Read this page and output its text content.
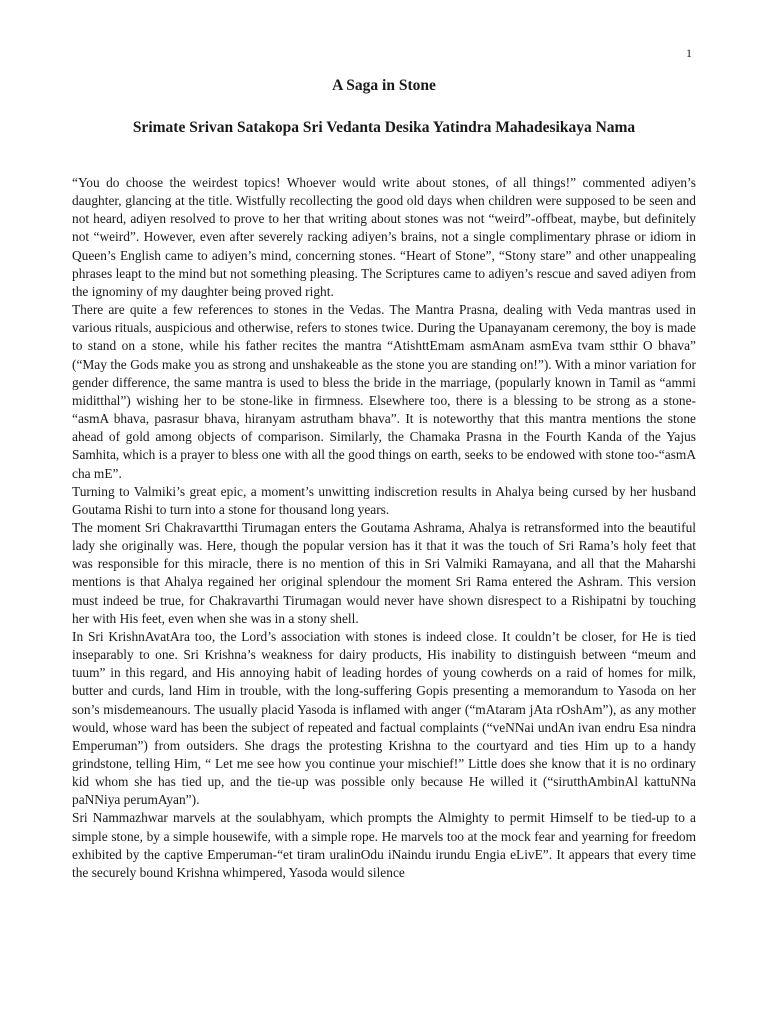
1
A Saga in Stone
Srimate Srivan Satakopa Sri Vedanta Desika Yatindra Mahadesikaya Nama

“You do choose the weirdest topics! Whoever would write about stones, of all things!” commented adiyen’s daughter, glancing at the title. Wistfully recollecting the good old days when children were supposed to be seen and not heard, adiyen resolved to prove to her that writing about stones was not “weird”-offbeat, maybe, but definitely not “weird”. However, even after severely racking adiyen’s brains, not a single complimentary phrase or idiom in Queen’s English came to adiyen’s mind, concerning stones. “Heart of Stone”, “Stony stare” and other unappealing phrases leapt to the mind but not something pleasing. The Scriptures came to adiyen’s rescue and saved adiyen from the ignominy of my daughter being proved right.

There are quite a few references to stones in the Vedas. The Mantra Prasna, dealing with Veda mantras used in various rituals, auspicious and otherwise, refers to stones twice. During the Upanayanam ceremony, the boy is made to stand on a stone, while his father recites the mantra “AtishttEmam asmAnam asmEva tvam stthir O bhava” (“May the Gods make you as strong and unshakeable as the stone you are standing on!”). With a minor variation for gender difference, the same mantra is used to bless the bride in the marriage, (popularly known in Tamil as “ammi miditthal”) wishing her to be stone-like in firmness. Elsewhere too, there is a blessing to be strong as a stone- “asmA bhava, pasrasur bhava, hiranyam astrutham bhava”. It is noteworthy that this mantra mentions the stone ahead of gold among objects of comparison. Similarly, the Chamaka Prasna in the Fourth Kanda of the Yajus Samhita, which is a prayer to bless one with all the good things on earth, seeks to be endowed with stone too-“asmA cha mE”.

Turning to Valmiki’s great epic, a moment’s unwitting indiscretion results in Ahalya being cursed by her husband Goutama Rishi to turn into a stone for thousand long years.

The moment Sri Chakravartthi Tirumagan enters the Goutama Ashrama, Ahalya is retransformed into the beautiful lady she originally was. Here, though the popular version has it that it was the touch of Sri Rama’s holy feet that was responsible for this miracle, there is no mention of this in Sri Valmiki Ramayana, and all that the Maharshi mentions is that Ahalya regained her original splendour the moment Sri Rama entered the Ashram. This version must indeed be true, for Chakravarthi Tirumagan would never have shown disrespect to a Rishipatni by touching her with His feet, even when she was in a stony shell.

In Sri KrishnAvatAra too, the Lord’s association with stones is indeed close. It couldn’t be closer, for He is tied inseparably to one. Sri Krishna’s weakness for dairy products, His inability to distinguish between “meum and tuum” in this regard, and His annoying habit of leading hordes of young cowherds on a raid of homes for milk, butter and curds, land Him in trouble, with the long-suffering Gopis presenting a memorandum to Yasoda on her son’s misdemeanours. The usually placid Yasoda is inflamed with anger (“mAtaram jAta rOshAm”), as any mother would, whose ward has been the subject of repeated and factual complaints (“veNNai undAn ivan endru Esa nindra Emperuman”) from outsiders. She drags the protesting Krishna to the courtyard and ties Him up to a handy grindstone, telling Him, “ Let me see how you continue your mischief!” Little does she know that it is no ordinary kid whom she has tied up, and the tie-up was possible only because He willed it (“sirutthAmbinAl kattuNNa paNNiya perumAyan”).

Sri Nammazhwar marvels at the soulabhyam, which prompts the Almighty to permit Himself to be tied-up to a simple stone, by a simple housewife, with a simple rope. He marvels too at the mock fear and yearning for freedom exhibited by the captive Emperuman-“et tiram uralinOdu iNaindu irundu Engia eLivE”. It appears that every time the securely bound Krishna whimpered, Yasoda would silence
